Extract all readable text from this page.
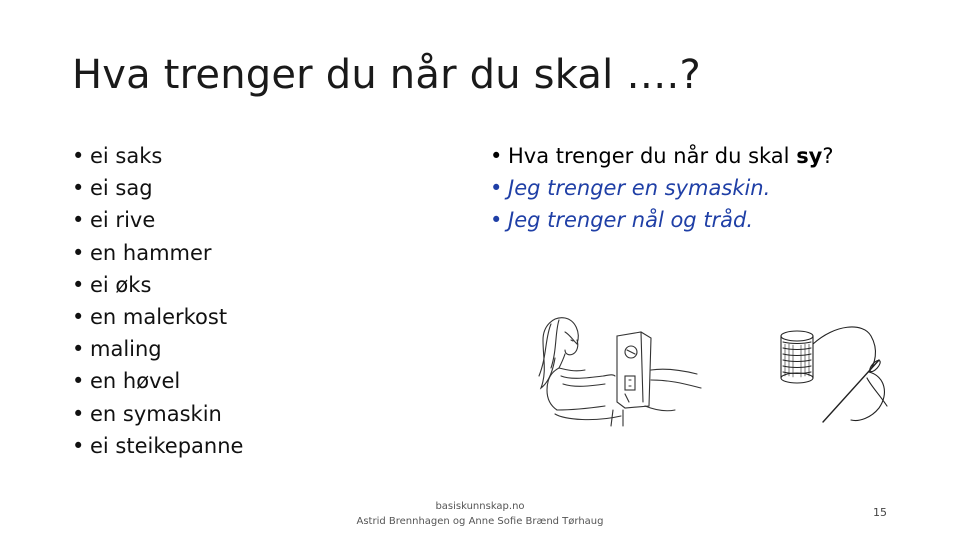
Hva trenger du når du skal ….?
• ei saks
• ei sag
• ei rive
• en hammer
• ei øks
• en malerkost
• maling
• en høvel
• en symaskin
• ei steikepanne
• Hva trenger du når du skal sy?
• Jeg trenger en symaskin.
• Jeg trenger nål og tråd.
basiskunnskap.no
Astrid Brennhagen og Anne Sofie Brænd Tørhaug
15
